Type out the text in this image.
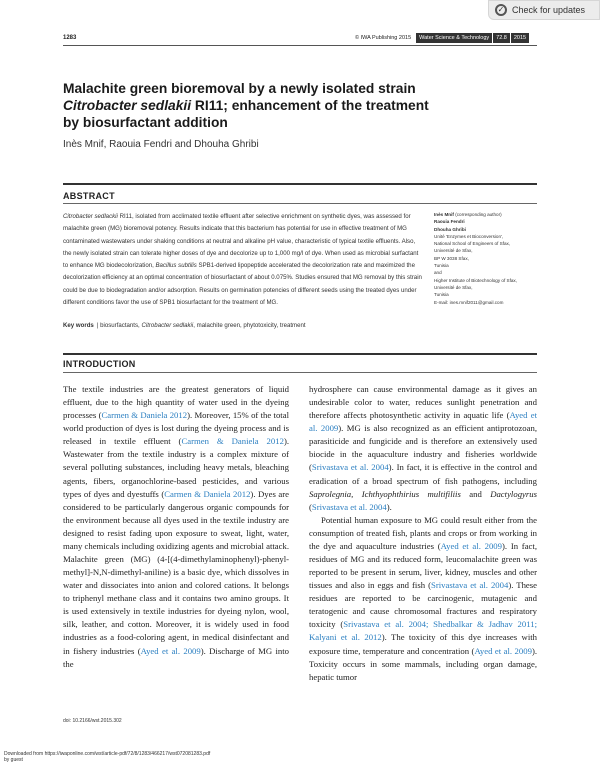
✓ Check for updates
1283	© IWA Publishing 2015	Water Science & Technology	72.8	2015
Malachite green bioremoval by a newly isolated strain
Citrobacter sedlakii RI11; enhancement of the treatment
by biosurfactant addition
Inès Mnif, Raouia Fendri and Dhouha Ghribi
ABSTRACT
Citrobacter sedlackii RI11, isolated from acclimated textile effluent after selective enrichment on synthetic dyes, was assessed for malachite green (MG) bioremoval potency. Results indicate that this bacterium has potential for use in effective treatment of MG contaminated wastewaters under shaking conditions at neutral and alkaline pH value, characteristic of typical textile effluents. Also, the newly isolated strain can tolerate higher doses of dye and decolorize up to 1,000 mg/l of dye. When used as microbial surfactant to enhance MG biodecolorization, Bacillus subtilis SPB1-derived lipopeptide accelerated the decolorization rate and maximized the decolorization efficiency at an optimal concentration of biosurfactant of about 0.075%. Studies ensured that MG removal by this strain could be due to biodegradation and/or adsorption. Results on germination potencies of different seeds using the treated dyes under different conditions favor the use of SPB1 biosurfactant for the treatment of MG.
Key words | biosurfactants, Citrobacter sedlakii, malachite green, phytotoxicity, treatment
Inès Mnif (corresponding author)
Raouia Fendri
Dhouha Ghribi
Unité 'Enzymes et Bioconversion',
National School of Engineers of Sfax,
Université de Sfax,
BP W 3038 Sfax,
Tunisia
and
Higher Institute of Biotechnology of Sfax,
Université de Sfax,
Tunisia
E-mail: ines.mnif2011@gmail.com
INTRODUCTION
The textile industries are the greatest generators of liquid effluent, due to the high quantity of water used in the dyeing processes (Carmen & Daniela 2012). Moreover, 15% of the total world production of dyes is lost during the dyeing process and is released in textile effluent (Carmen & Daniela 2012). Wastewater from the textile industry is a complex mixture of several polluting substances, including heavy metals, bleaching agents, fibers, organochlorine-based pesticides, and various types of dyes and dyestuffs (Carmen & Daniela 2012). Dyes are considered to be particularly dangerous organic compounds for the environment because all dyes used in the textile industry are designed to resist fading upon exposure to sweat, light, water, many chemicals including oxidizing agents and microbial attack. Malachite green (MG) (4-[(4-dimethylaminophenyl)-phenyl-methyl]-N,N-dimethyl-aniline) is a basic dye, which dissolves in water and dissociates into anion and colored cations. It belongs to triphenyl methane class and it contains two amino groups. It is used extensively in textile industries for dyeing nylon, wool, silk, leather, and cotton. Moreover, it is widely used in food industries as a food-coloring agent, in medical disinfectant and in fishery industries (Ayed et al. 2009). Discharge of MG into the
hydrosphere can cause environmental damage as it gives an undesirable color to water, reduces sunlight penetration and therefore affects photosynthetic activity in aquatic life (Ayed et al. 2009). MG is also recognized as an efficient antiprotozoan, parasiticide and fungicide and is therefore an extensively used biocide in the aquaculture industry and fisheries worldwide (Srivastava et al. 2004). In fact, it is effective in the control and eradication of a broad spectrum of fish pathogens, including Saprolegnia, Ichthyophthirius multifiliis and Dactylogyrus (Srivastava et al. 2004).
Potential human exposure to MG could result either from the consumption of treated fish, plants and crops or from working in the dye and aquaculture industries (Ayed et al. 2009). In fact, residues of MG and its reduced form, leucomalachite green was reported to be present in serum, liver, kidney, muscles and other tissues and also in eggs and fish (Srivastava et al. 2004). These residues are reported to be carcinogenic, mutagenic and teratogenic and cause chromosomal fractures and respiratory toxicity (Srivastava et al. 2004; Shedbalkar & Jadhav 2011; Kalyani et al. 2012). The toxicity of this dye increases with exposure time, temperature and concentration (Ayed et al. 2009). Toxicity occurs in some mammals, including organ damage, hepatic tumor
doi: 10.2166/wst.2015.302
Downloaded from https://iwaponline.com/wst/article-pdf/72/8/1283/466217/wst072081283.pdf
by guest
